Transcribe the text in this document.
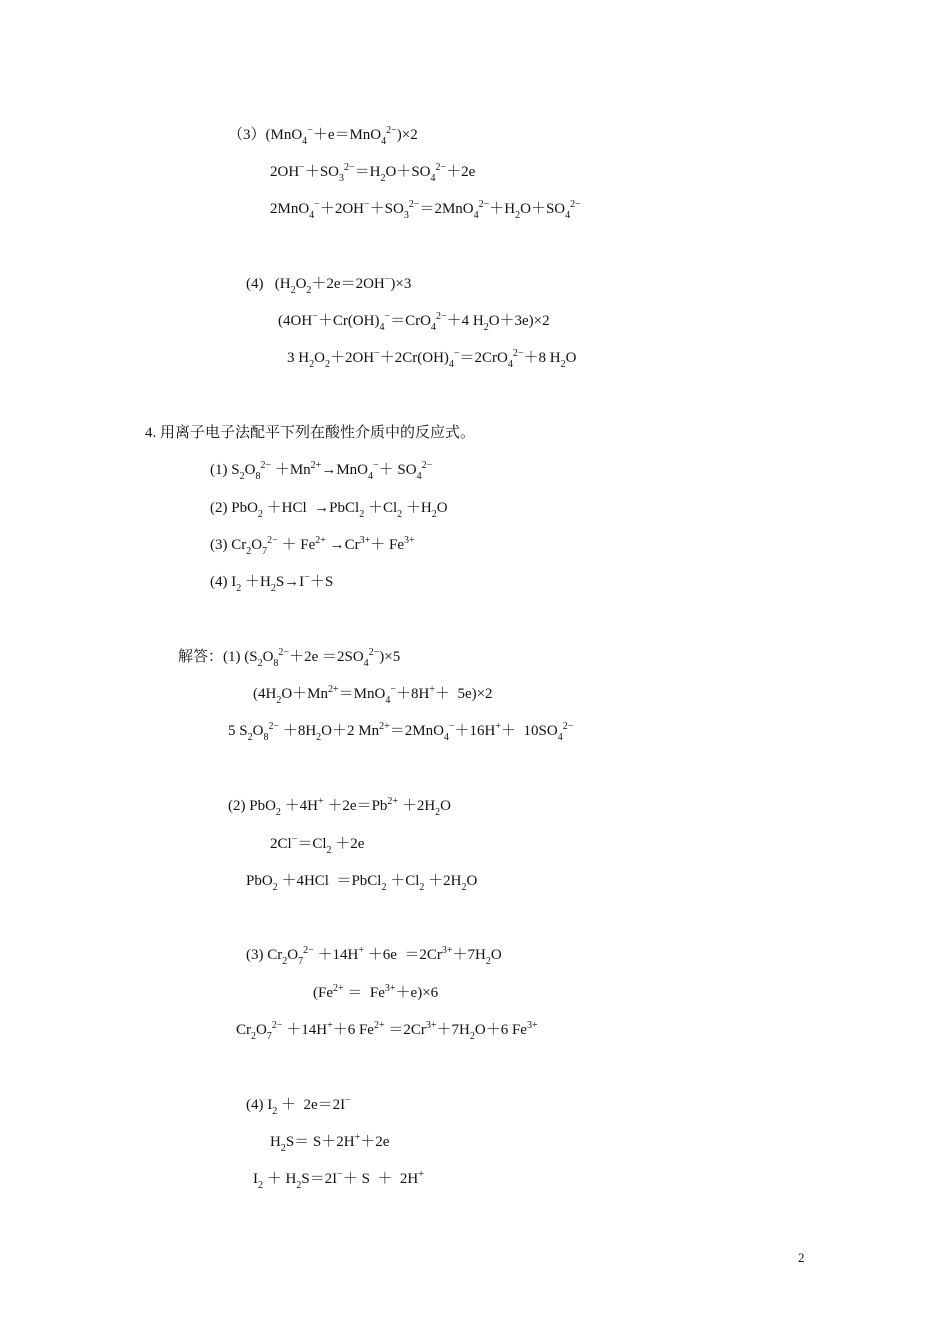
（3）(MnO$_4$−＋e＝MnO$_4^{2-}$)×2
$2OH^-+SO_3^{2-}=H_2O+SO_4^{2-}+2e$
$2MnO_4^-+2OH^-+SO_3^{2-}=2MnO_4^{2-}+H_2O+SO_4^{2-}$
(4)   $(H_2O_2+2e=2OH^-)\times 3$
($4OH^-+Cr(OH)_4^-=CrO_4^{2-}+4$ $H_2O+3e)\times 2$
3 $H_2O_2+2OH^-+2Cr(OH)_4^-=2CrO_4^{2-}+8$ $H_2O$
4. 用离子电子法配平下列在酸性介质中的反应式。
(1) $S_2O_8^{2-} +Mn^{2+}\to MnO_4^-+ SO_4^{2-}$
(2) PbO$_2$ ＋HCl  →PbCl$_2$ $+Cl_2 +H_2O$
(3) $Cr_2O_7^{2-} + Fe^{2+} \to Cr^{3+}+ Fe^{3+}$
(4) $I_2 +H_2S\to I^-+S$
解答：(1) $(S_2O_8^{2-}+2e =2SO_4^{2-})\times 5$
$(4H_2O+Mn^{2+}=MnO_4^-+8H^++ 5e)\times 2$
5 $S_2O_8^{2-} +8H_2O+2$ $Mn^{2+}=2MnO_4^-+16H^++ 10SO_4^{2-}$
(2) $PbO_2 +4H^+ +2e=Pb^{2+} +2H_2O$
$2Cl^-=Cl_2 +2e$
PbO$_2$ ＋4HCl  ＝PbCl$_2$ $+Cl_2 +2H_2O$
(3) $Cr_2O_7^{2-} +14H^+ +6e =2Cr^{3+}+7H_2O$
$(Fe^{2+} = Fe^{3+}+e)\times 6$
$Cr_2O_7^{2-} +14H^++6$ $Fe^{2+} =2Cr^{3+}+7H_2O+6$ $Fe^{3+}$
(4) $I_2 + 2e=2I^-$
$H_2S= S+2H^++2e$
$I_2 + H_2S=2I^-+ S + 2H^+$
2
